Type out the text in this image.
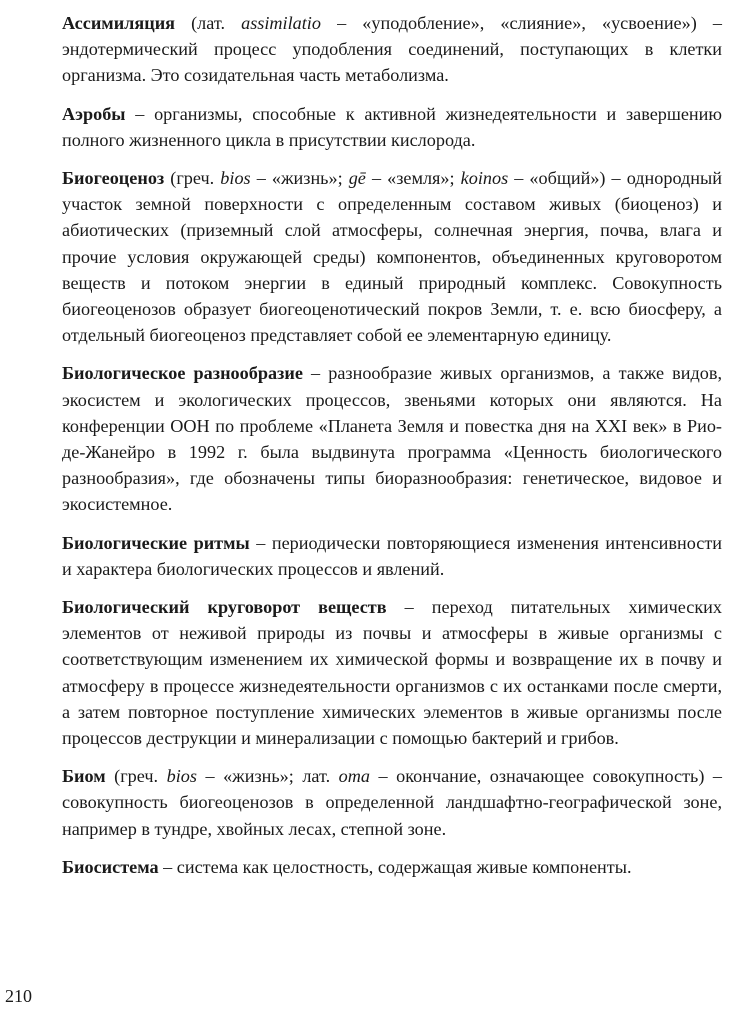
Ассимиляция (лат. assimilatio – «уподобление», «слияние», «усвоение») – эндотермический процесс уподобления соединений, поступающих в клетки организма. Это созидательная часть метаболизма.

Аэробы – организмы, способные к активной жизнедеятельности и завершению полного жизненного цикла в присутствии кислорода.

Биогеоценоз (греч. bios – «жизнь»; gē – «земля»; koinos – «общий») – однородный участок земной поверхности с определенным составом живых (биоценоз) и абиотических (приземный слой атмосферы, солнечная энергия, почва, влага и прочие условия окружающей среды) компонентов, объединенных круговоротом веществ и потоком энергии в единый природный комплекс. Совокупность биогеоценозов образует биогеоценотический покров Земли, т. е. всю биосферу, а отдельный биогеоценоз представляет собой ее элементарную единицу.

Биологическое разнообразие – разнообразие живых организмов, а также видов, экосистем и экологических процессов, звеньями которых они являются. На конференции ООН по проблеме «Планета Земля и повестка дня на XXI век» в Рио-де-Жанейро в 1992 г. была выдвинута программа «Ценность биологического разнообразия», где обозначены типы биоразнообразия: генетическое, видовое и экосистемное.

Биологические ритмы – периодически повторяющиеся изменения интенсивности и характера биологических процессов и явлений.

Биологический круговорот веществ – переход питательных химических элементов от неживой природы из почвы и атмосферы в живые организмы с соответствующим изменением их химической формы и возвращение их в почву и атмосферу в процессе жизнедеятельности организмов с их останками после смерти, а затем повторное поступление химических элементов в живые организмы после процессов деструкции и минерализации с помощью бактерий и грибов.

Биом (греч. bios – «жизнь»; лат. oma – окончание, означающее совокупность) – совокупность биогеоценозов в определенной ландшафтно-географической зоне, например в тундре, хвойных лесах, степной зоне.

Биосистема – система как целостность, содержащая живые компоненты.

210
